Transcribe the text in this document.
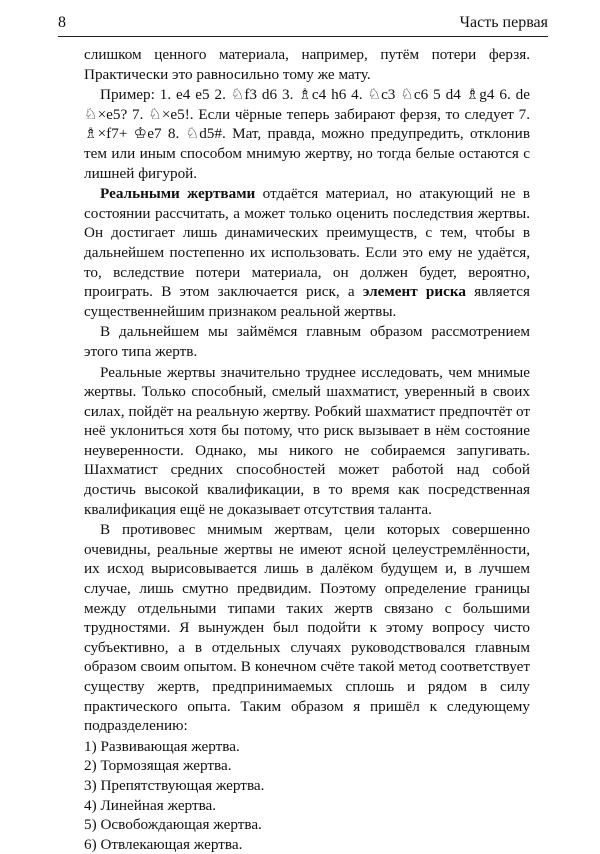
8	Часть первая

слишком ценного материала, например, путём потери ферзя. Практически это равносильно тому же мату.

Пример: 1. e4 e5 2. ♘f3 d6 3. ♗c4 h6 4. ♘c3 ♘c6 5 d4 ♗g4 6. de ♘×e5? 7. ♘×e5!. Если чёрные теперь забирают ферзя, то следует 7. ♗×f7+ ♔e7 8. ♘d5#. Мат, правда, можно предупредить, отклонив тем или иным способом мнимую жертву, но тогда белые остаются с лишней фигурой.

Реальными жертвами отдаётся материал, но атакующий не в состоянии рассчитать, а может только оценить последствия жертвы. Он достигает лишь динамических преимуществ, с тем, чтобы в дальнейшем постепенно их использовать. Если это ему не удаётся, то, вследствие потери материала, он должен будет, вероятно, проиграть. В этом заключается риск, а элемент риска является существеннейшим признаком реальной жертвы.

В дальнейшем мы займёмся главным образом рассмотрением этого типа жертв.

Реальные жертвы значительно труднее исследовать, чем мнимые жертвы. Только способный, смелый шахматист, уверенный в своих силах, пойдёт на реальную жертву. Робкий шахматист предпочтёт от неё уклониться хотя бы потому, что риск вызывает в нём состояние неуверенности. Однако, мы никого не собираемся запугивать. Шахматист средних способностей может работой над собой достичь высокой квалификации, в то время как посредственная квалификация ещё не доказывает отсутствия таланта.

В противовес мнимым жертвам, цели которых совершенно очевидны, реальные жертвы не имеют ясной целеустремлённости, их исход вырисовывается лишь в далёком будущем и, в лучшем случае, лишь смутно предвидим. Поэтому определение границы между отдельными типами таких жертв связано с большими трудностями. Я вынужден был подойти к этому вопросу чисто субъективно, а в отдельных случаях руководствовался главным образом своим опытом. В конечном счёте такой метод соответствует существу жертв, предпринимаемых сплошь и рядом в силу практического опыта. Таким образом я пришёл к следующему подразделению:

1) Развивающая жертва.
2) Тормозящая жертва.
3) Препятствующая жертва.
4) Линейная жертва.
5) Освобождающая жертва.
6) Отвлекающая жертва.
